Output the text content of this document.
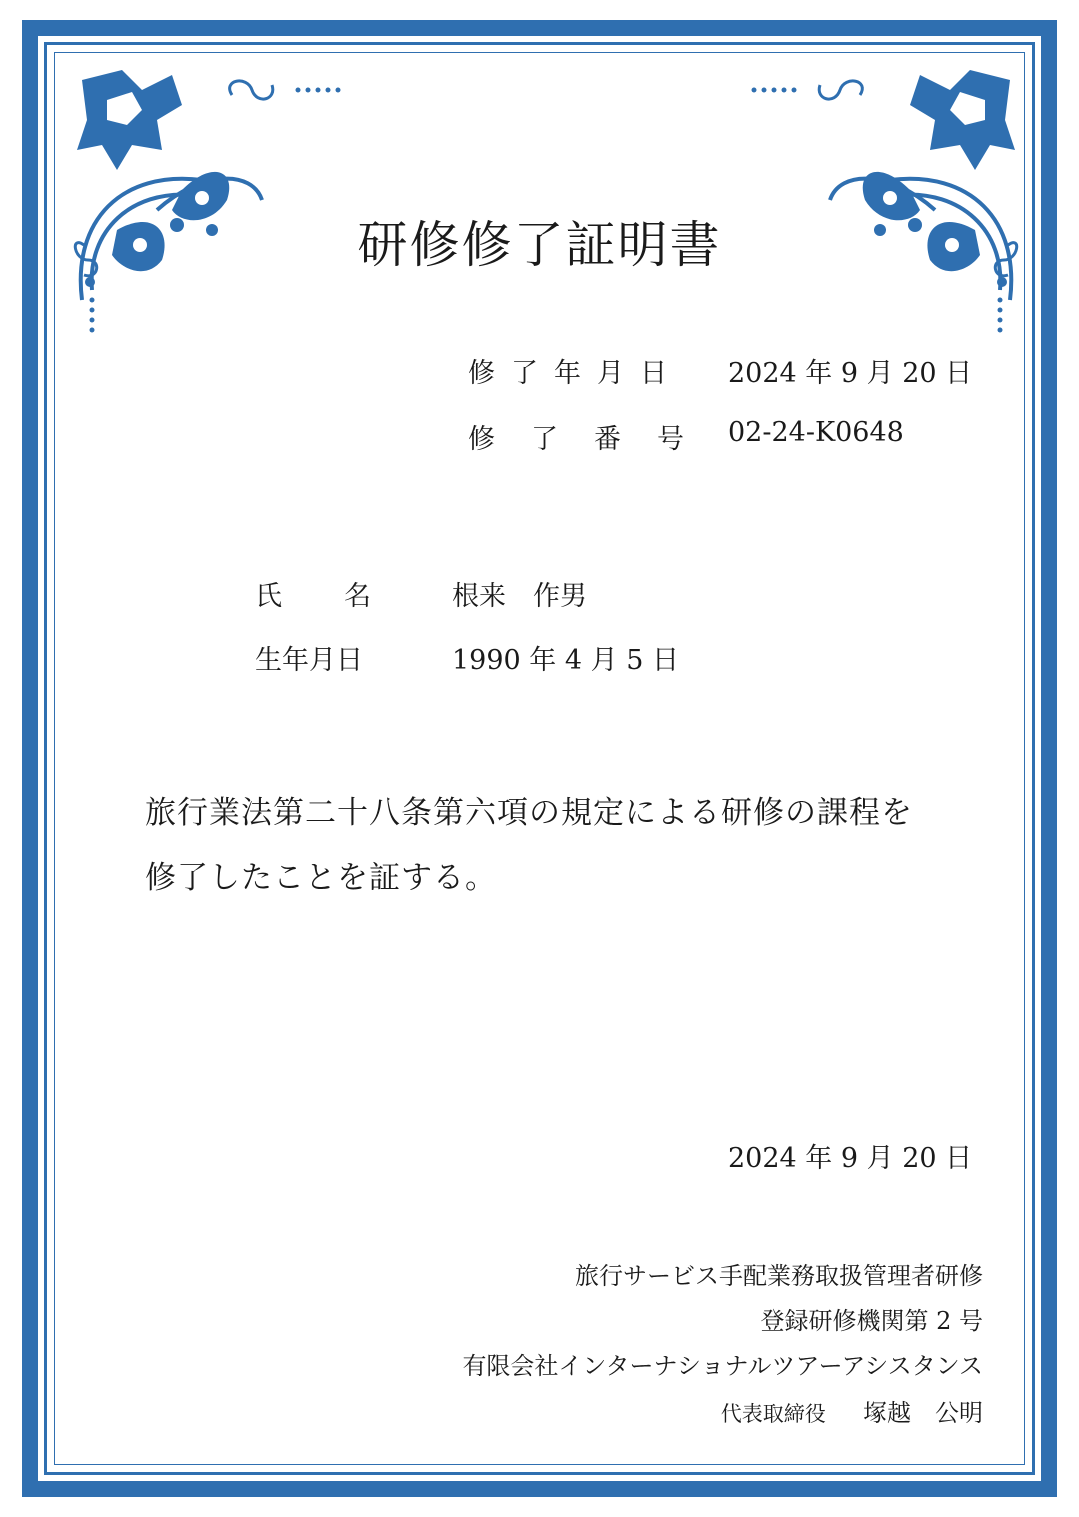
研修修了証明書
修了年月日 2024 年 9 月 20 日
修了番号 02-24-K0648
氏名 根来　作男
生年月日	1990 年 4 月 5 日
旅行業法第二十八条第六項の規定による研修の課程を
修了したことを証する。
2024 年 9 月 20 日
旅行サービス手配業務取扱管理者研修
登録研修機関第 2 号
有限会社インターナショナルツアーアシスタンス
代表取締役 塚越　公明
